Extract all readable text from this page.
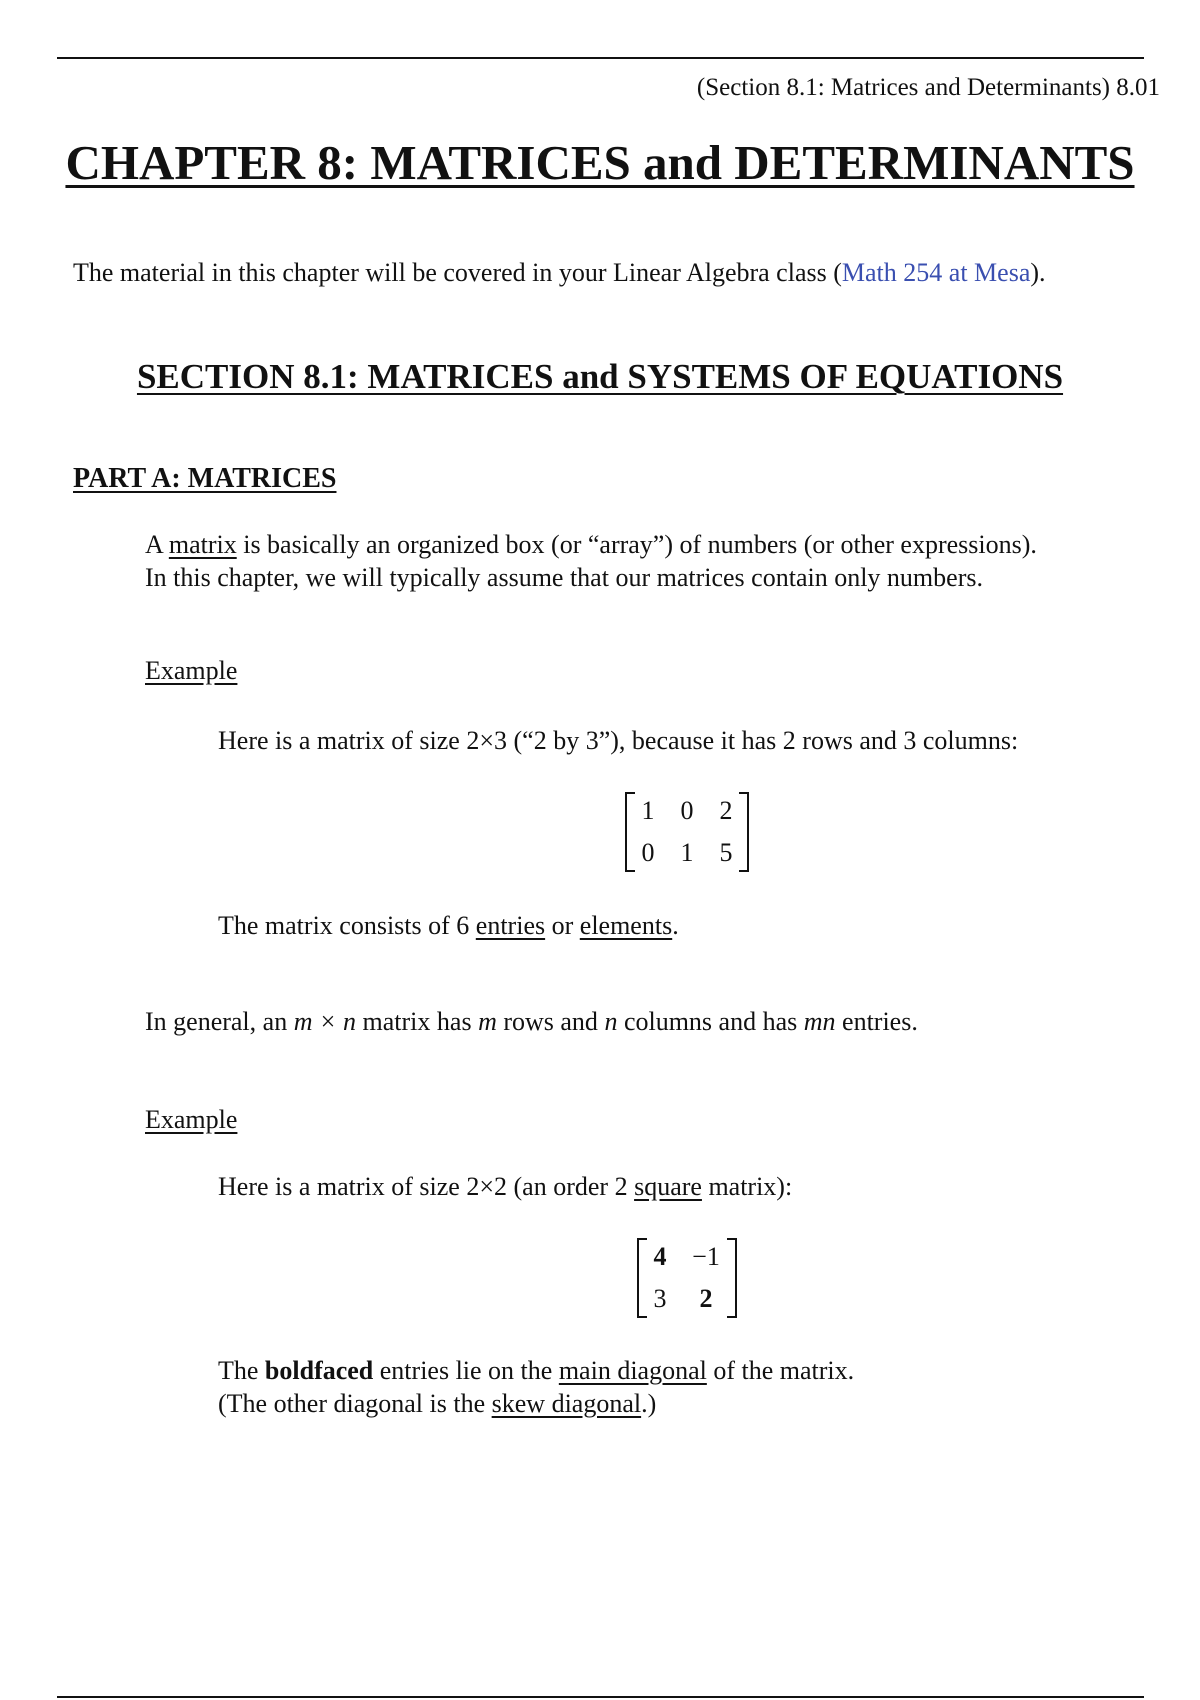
(Section 8.1: Matrices and Determinants) 8.01
CHAPTER 8: MATRICES and DETERMINANTS
The material in this chapter will be covered in your Linear Algebra class (Math 254 at Mesa).
SECTION 8.1: MATRICES and SYSTEMS OF EQUATIONS
PART A: MATRICES
A matrix is basically an organized box (or “array”) of numbers (or other expressions).
In this chapter, we will typically assume that our matrices contain only numbers.
Example
Here is a matrix of size 2×3 (“2 by 3”), because it has 2 rows and 3 columns:
1	0	2
0	1	5
The matrix consists of 6 entries or elements.
In general, an m × n matrix has m rows and n columns and has mn entries.
Example
Here is a matrix of size 2×2 (an order 2 square matrix):
4 −1
3	2
The boldfaced entries lie on the main diagonal of the matrix.
(The other diagonal is the skew diagonal.)
